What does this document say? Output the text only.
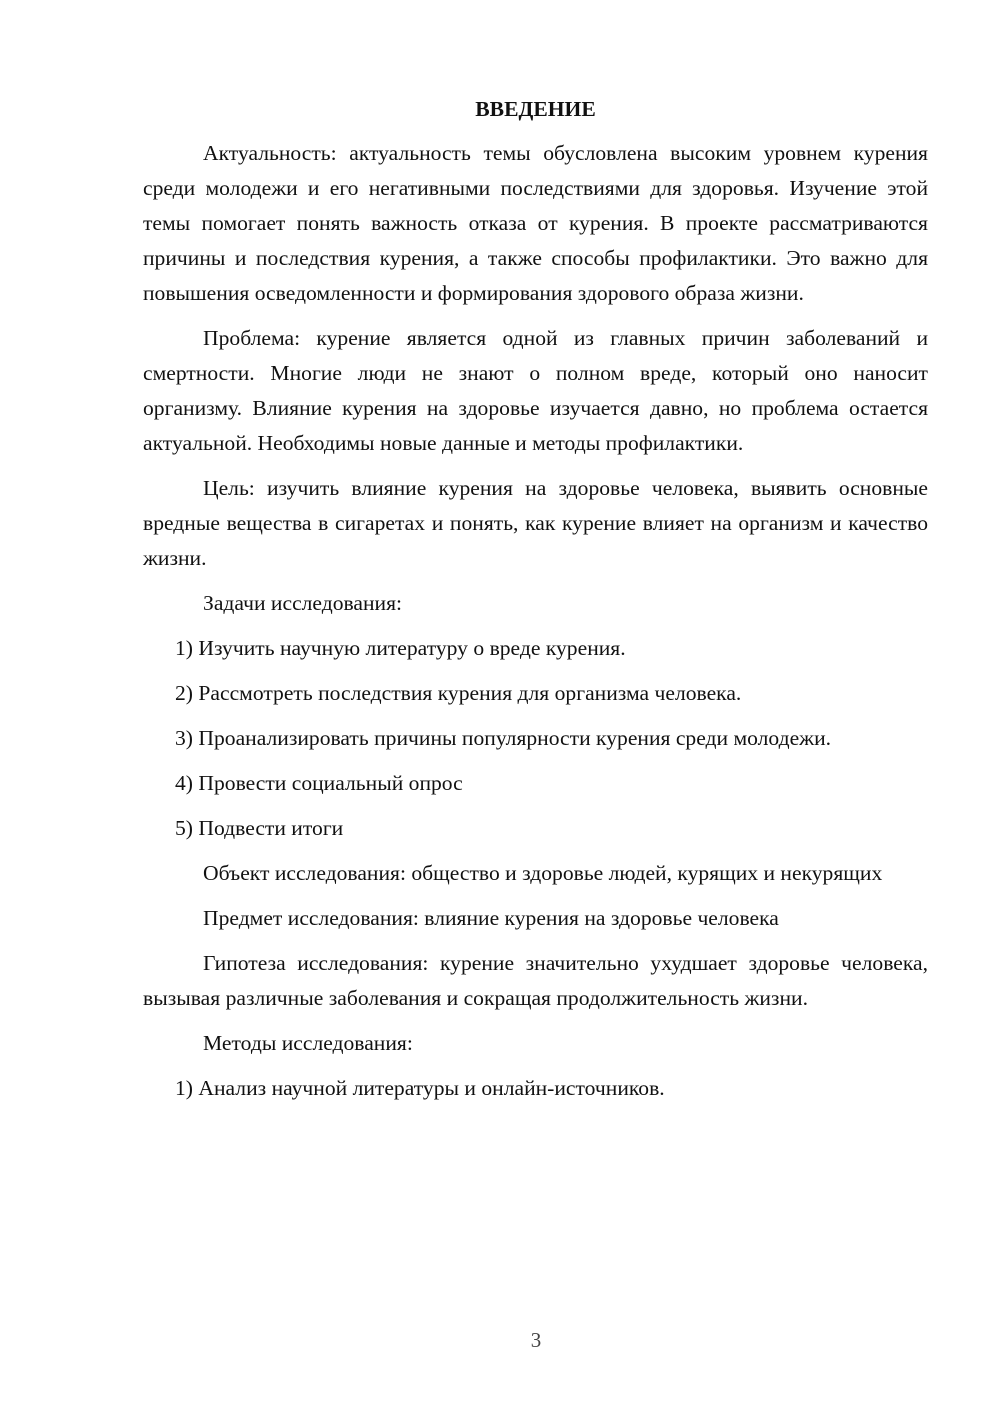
ВВЕДЕНИЕ

Актуальность: актуальность темы обусловлена высоким уровнем курения среди молодежи и его негативными последствиями для здоровья. Изучение этой темы помогает понять важность отказа от курения. В проекте рассматриваются причины и последствия курения, а также способы профилактики. Это важно для повышения осведомленности и формирования здорового образа жизни.

Проблема: курение является одной из главных причин заболеваний и смертности. Многие люди не знают о полном вреде, который оно наносит организму. Влияние курения на здоровье изучается давно, но проблема остается актуальной. Необходимы новые данные и методы профилактики.

Цель: изучить влияние курения на здоровье человека, выявить основные вредные вещества в сигаретах и понять, как курение влияет на организм и качество жизни.

Задачи исследования:

1) Изучить научную литературу о вреде курения.

2) Рассмотреть последствия курения для организма человека.

3) Проанализировать причины популярности курения среди молодежи.

4) Провести социальный опрос

5) Подвести итоги

Объект исследования: общество и здоровье людей, курящих и некурящих

Предмет исследования: влияние курения на здоровье человека

Гипотеза исследования: курение значительно ухудшает здоровье человека, вызывая различные заболевания и сокращая продолжительность жизни.

Методы исследования:

1) Анализ научной литературы и онлайн-источников.

3
